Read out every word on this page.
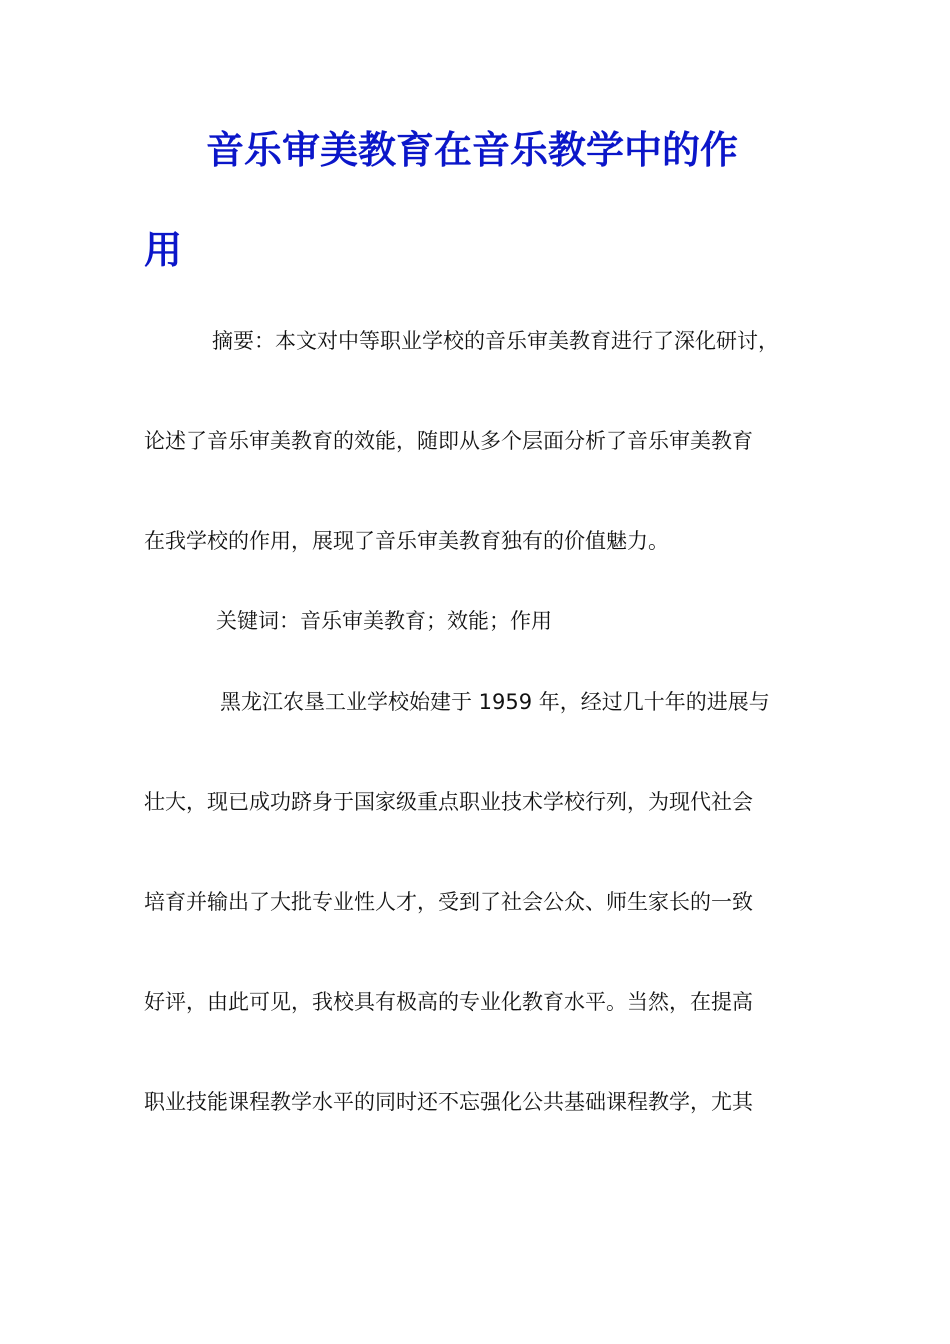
音乐审美教育在音乐教学中的作
用
摘要：本文对中等职业学校的音乐审美教育进行了深化研讨，
论述了音乐审美教育的效能，随即从多个层面分析了音乐审美教育
在我学校的作用，展现了音乐审美教育独有的价值魅力。
关键词：音乐审美教育；效能；作用
黑龙江农垦工业学校始建于 1959 年，经过几十年的进展与
壮大，现已成功跻身于国家级重点职业技术学校行列，为现代社会
培育并输出了大批专业性人才，受到了社会公众、师生家长的一致
好评，由此可见，我校具有极高的专业化教育水平。当然，在提高
职业技能课程教学水平的同时还不忘强化公共基础课程教学，尤其
